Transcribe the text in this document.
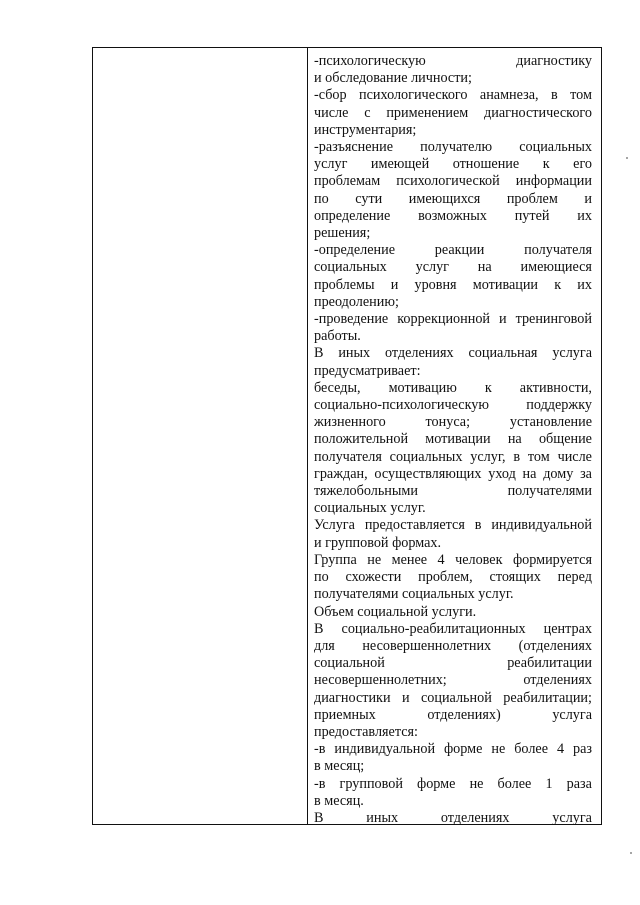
-психологическую	диагностику
и обследование личности;
-сбор психологического анамнеза, в том
числе с применением диагностического
инструментария;
-разъяснение получателю социальных
услуг имеющей отношение к его
проблемам психологической информации
по сути имеющихся проблем и
определение возможных путей их
решения;
-определение	реакции	получателя
социальных услуг на имеющиеся
проблемы и уровня мотивации к их
преодолению;
-проведение коррекционной и тренинговой
работы.
В иных отделениях социальная услуга
предусматривает:
беседы, мотивацию к активности,
социально-психологическую	поддержку
жизненного	тонуса;	установление
положительной мотивации на общение
получателя социальных услуг, в том числе
граждан, осуществляющих уход на дому за
тяжелобольными	получателями
социальных услуг.
Услуга предоставляется в индивидуальной
и групповой формах.
Группа не менее 4 человек формируется
по схожести проблем, стоящих перед
получателями социальных услуг.
Объем социальной услуги.
В социально-реабилитационных центрах
для несовершеннолетних (отделениях
социальной	реабилитации
несовершеннолетних;	отделениях
диагностики и социальной реабилитации;
приемных	отделениях)	услуга
предоставляется:
-в индивидуальной форме не более 4 раз
в месяц;
-в групповой форме не более 1 раза
в месяц.
В	иных	отделениях	услуга
